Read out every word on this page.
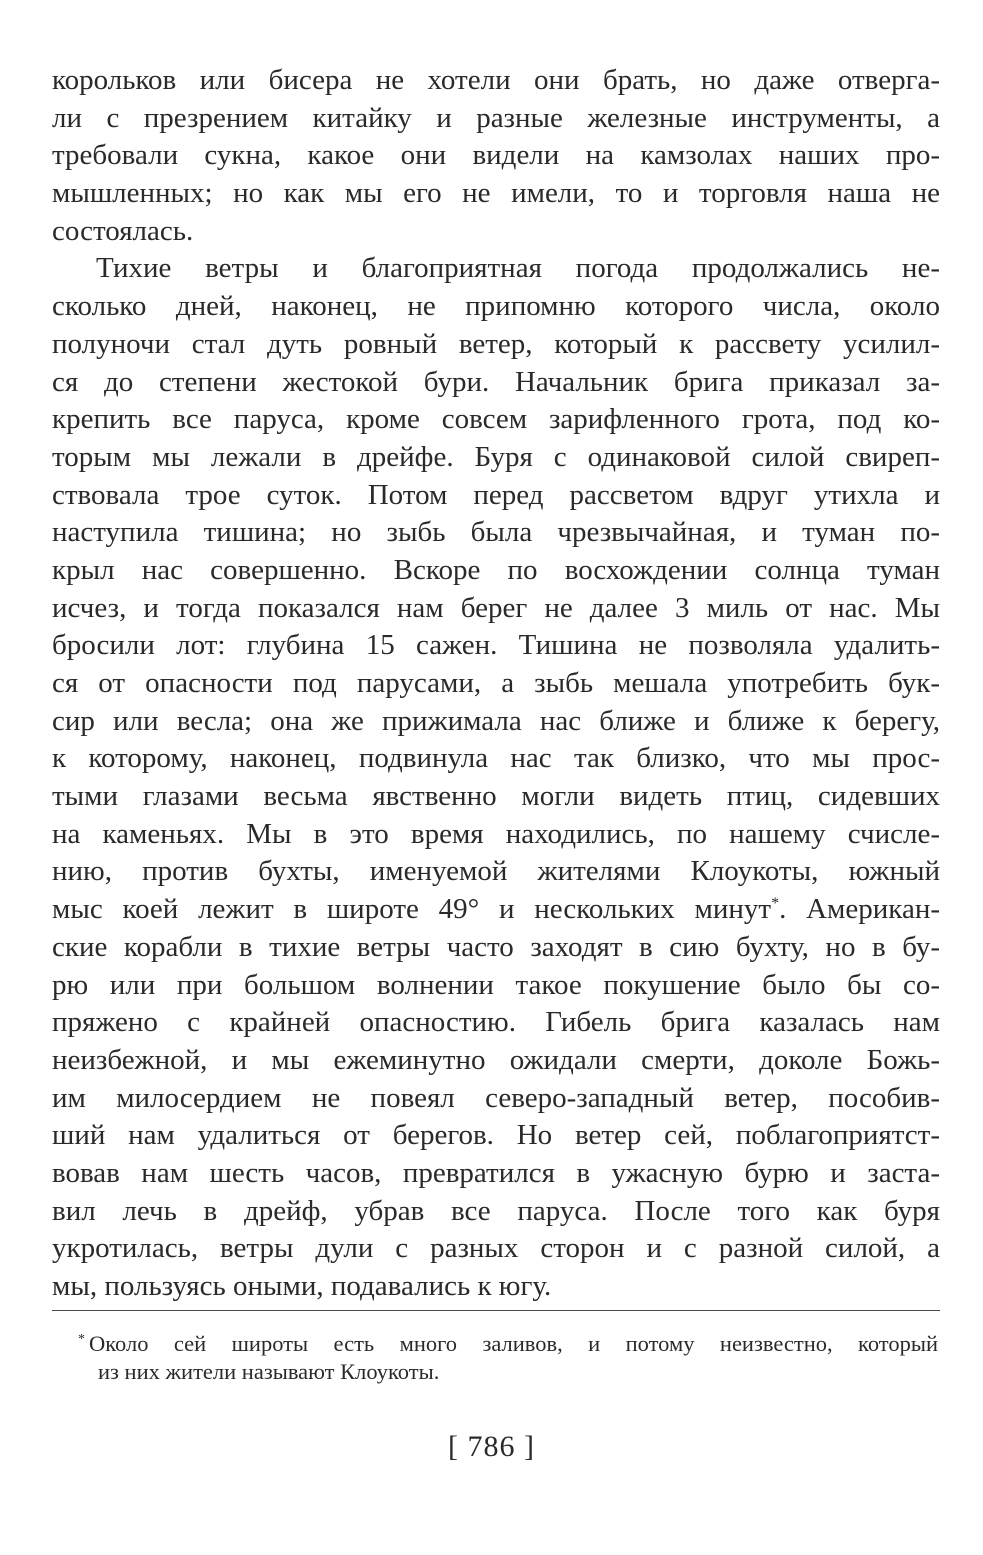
корольков или бисера не хотели они брать, но даже отверга-
ли с презрением китайку и разные железные инструменты, а
требовали сукна, какое они видели на камзолах наших про-
мышленных; но как мы его не имели, то и торговля наша не
состоялась.
Тихие ветры и благоприятная погода продолжались не-
сколько дней, наконец, не припомню которого числа, около
полуночи стал дуть ровный ветер, который к рассвету усилил-
ся до степени жестокой бури. Начальник брига приказал за-
крепить все паруса, кроме совсем зарифленного грота, под ко-
торым мы лежали в дрейфе. Буря с одинаковой силой свиреп-
ствовала трое суток. Потом перед рассветом вдруг утихла и
наступила тишина; но зыбь была чрезвычайная, и туман по-
крыл нас совершенно. Вскоре по восхождении солнца туман
исчез, и тогда показался нам берег не далее 3 миль от нас. Мы
бросили лот: глубина 15 сажен. Тишина не позволяла удалить-
ся от опасности под парусами, а зыбь мешала употребить бук-
сир или весла; она же прижимала нас ближе и ближе к берегу,
к которому, наконец, подвинула нас так близко, что мы прос-
тыми глазами весьма явственно могли видеть птиц, сидевших
на каменьях. Мы в это время находились, по нашему счисле-
нию, против бухты, именуемой жителями Клоукоты, южный
мыс коей лежит в широте 49° и нескольких минут*. Американ-
ские корабли в тихие ветры часто заходят в сию бухту, но в бу-
рю или при большом волнении такое покушение было бы со-
пряжено с крайней опасностию. Гибель брига казалась нам
неизбежной, и мы ежеминутно ожидали смерти, доколе Божь-
им милосердием не повеял северо-западный ветер, пособив-
ший нам удалиться от берегов. Но ветер сей, поблагоприятст-
вовав нам шесть часов, превратился в ужасную бурю и заста-
вил лечь в дрейф, убрав все паруса. После того как буря
укротилась, ветры дули с разных сторон и с разной силой, а
мы, пользуясь оными, подавались к югу.
* Около сей широты есть много заливов, и потому неизвестно, который
из них жители называют Клоукоты.
[ 786 ]
